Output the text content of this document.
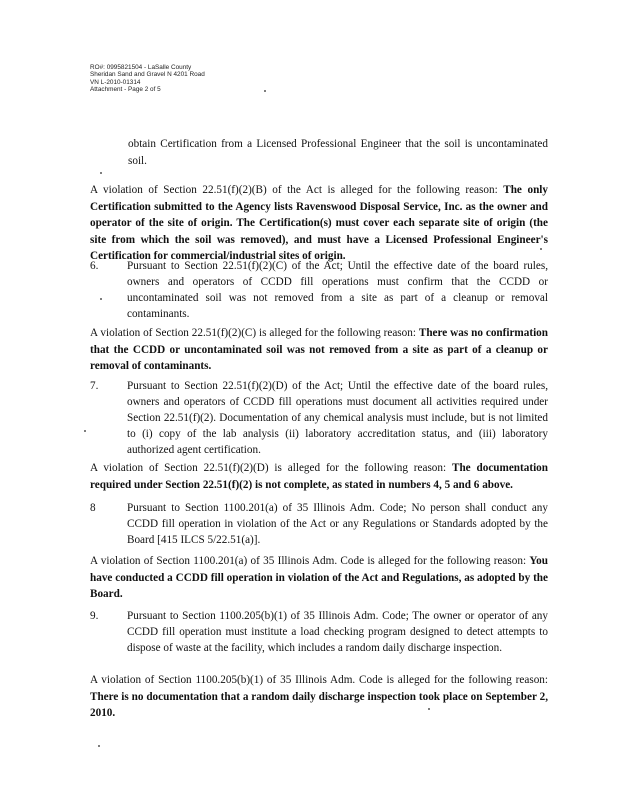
RO#: 0995821504 - LaSalle County
Sheridan Sand and Gravel N 4201 Road
VN L-2010-01314
Attachment - Page 2 of 5
obtain Certification from a Licensed Professional Engineer that the soil is uncontaminated soil.
A violation of Section 22.51(f)(2)(B) of the Act is alleged for the following reason: The only Certification submitted to the Agency lists Ravenswood Disposal Service, Inc. as the owner and operator of the site of origin. The Certification(s) must cover each separate site of origin (the site from which the soil was removed), and must have a Licensed Professional Engineer's Certification for commercial/industrial sites of origin.
6.	Pursuant to Section 22.51(f)(2)(C) of the Act; Until the effective date of the board rules, owners and operators of CCDD fill operations must confirm that the CCDD or uncontaminated soil was not removed from a site as part of a cleanup or removal contaminants.
A violation of Section 22.51(f)(2)(C) is alleged for the following reason: There was no confirmation that the CCDD or uncontaminated soil was not removed from a site as part of a cleanup or removal of contaminants.
7.	Pursuant to Section 22.51(f)(2)(D) of the Act; Until the effective date of the board rules, owners and operators of CCDD fill operations must document all activities required under Section 22.51(f)(2). Documentation of any chemical analysis must include, but is not limited to (i) copy of the lab analysis (ii) laboratory accreditation status, and (iii) laboratory authorized agent certification.
A violation of Section 22.51(f)(2)(D) is alleged for the following reason: The documentation required under Section 22.51(f)(2) is not complete, as stated in numbers 4, 5 and 6 above.
8	Pursuant to Section 1100.201(a) of 35 Illinois Adm. Code; No person shall conduct any CCDD fill operation in violation of the Act or any Regulations or Standards adopted by the Board [415 ILCS 5/22.51(a)].
A violation of Section 1100.201(a) of 35 Illinois Adm. Code is alleged for the following reason: You have conducted a CCDD fill operation in violation of the Act and Regulations, as adopted by the Board.
9.	Pursuant to Section 1100.205(b)(1) of 35 Illinois Adm. Code; The owner or operator of any CCDD fill operation must institute a load checking program designed to detect attempts to dispose of waste at the facility, which includes a random daily discharge inspection.
A violation of Section 1100.205(b)(1) of 35 Illinois Adm. Code is alleged for the following reason: There is no documentation that a random daily discharge inspection took place on September 2, 2010.
